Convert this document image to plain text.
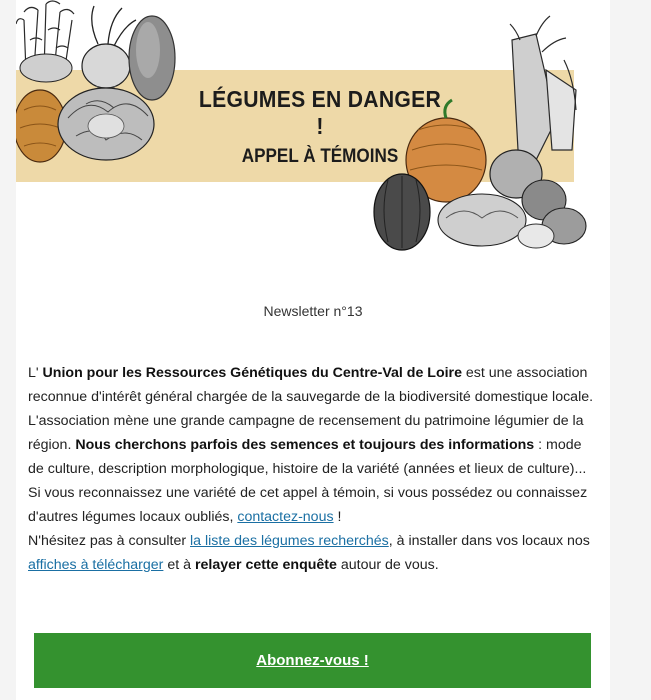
LÉGUMES EN DANGER !
APPEL À TÉMOINS
Newsletter n°13

L' Union pour les Ressources Génétiques du Centre-Val de Loire est une association reconnue d'intérêt général chargée de la sauvegarde de la biodiversité domestique locale.

L'association mène une grande campagne de recensement du patrimoine légumier de la région. Nous cherchons parfois des semences et toujours des informations : mode de culture, description morphologique, histoire de la variété (années et lieux de culture)...

Si vous reconnaissez une variété de cet appel à témoin, si vous possédez ou connaissez d'autres légumes locaux oubliés, contactez-nous !

N'hésitez pas à consulter la liste des légumes recherchés, à installer dans vos locaux nos affiches à télécharger et à relayer cette enquête autour de vous.

Abonnez-vous !
